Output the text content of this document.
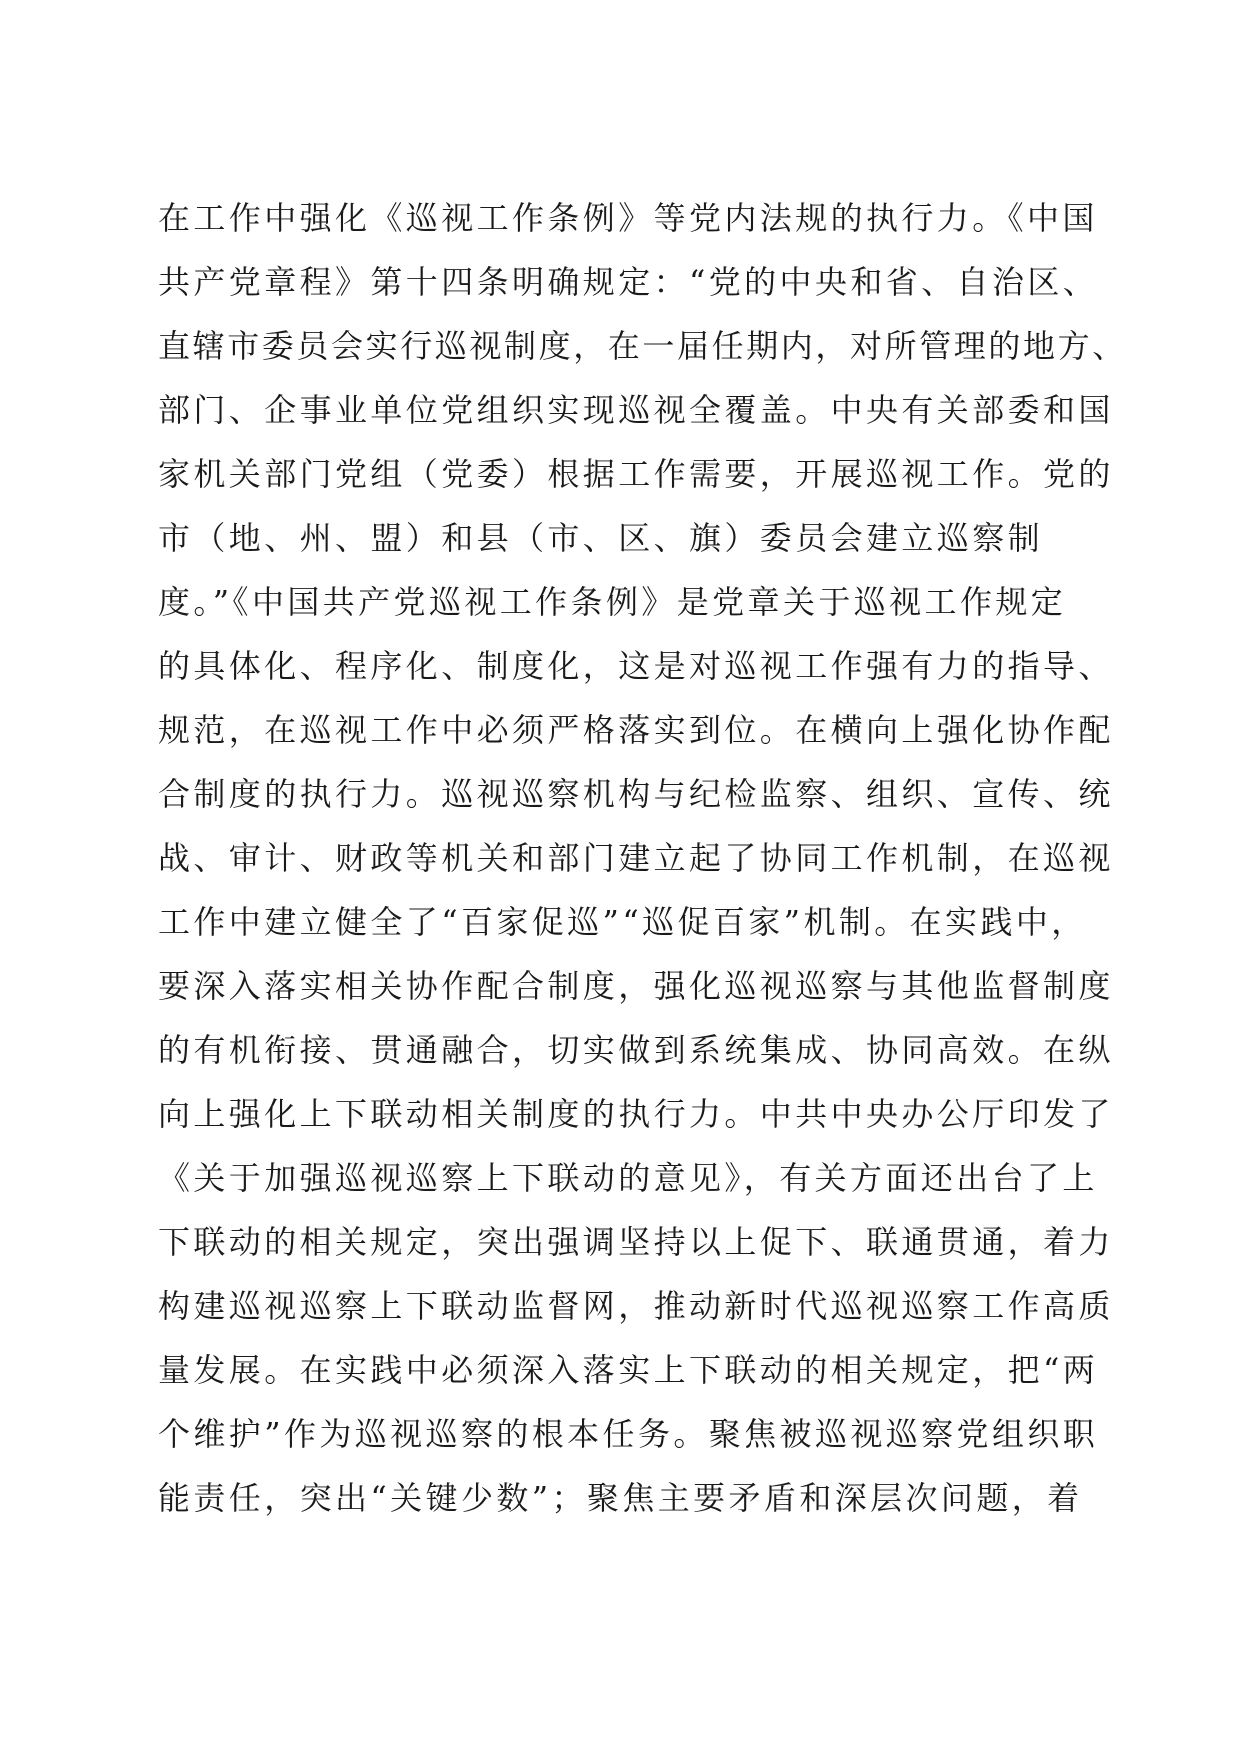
在工作中强化《巡视工作条例》等党内法规的执行力。《中国
共产党章程》第十四条明确规定：“党的中央和省、自治区、
直辖市委员会实行巡视制度，在一届任期内，对所管理的地方、
部门、企事业单位党组织实现巡视全覆盖。中央有关部委和国
家机关部门党组（党委）根据工作需要，开展巡视工作。党的
市（地、州、盟）和县（市、区、旗）委员会建立巡察制
度。”《中国共产党巡视工作条例》是党章关于巡视工作规定
的具体化、程序化、制度化，这是对巡视工作强有力的指导、
规范，在巡视工作中必须严格落实到位。在横向上强化协作配
合制度的执行力。巡视巡察机构与纪检监察、组织、宣传、统
战、审计、财政等机关和部门建立起了协同工作机制，在巡视
工作中建立健全了“百家促巡”“巡促百家”机制。在实践中，
要深入落实相关协作配合制度，强化巡视巡察与其他监督制度
的有机衔接、贯通融合，切实做到系统集成、协同高效。在纵
向上强化上下联动相关制度的执行力。中共中央办公厅印发了
《关于加强巡视巡察上下联动的意见》，有关方面还出台了上
下联动的相关规定，突出强调坚持以上促下、联通贯通，着力
构建巡视巡察上下联动监督网，推动新时代巡视巡察工作高质
量发展。在实践中必须深入落实上下联动的相关规定，把“两
个维护”作为巡视巡察的根本任务。聚焦被巡视巡察党组织职
能责任，突出“关键少数”；聚焦主要矛盾和深层次问题，着
